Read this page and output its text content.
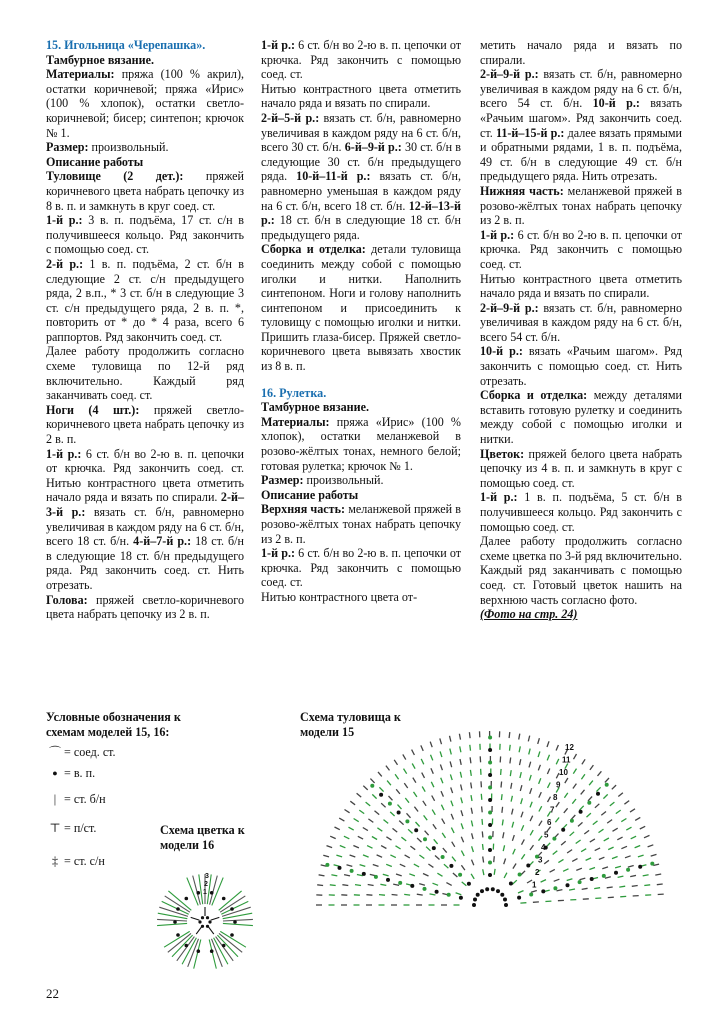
15. Игольница «Черепашка».

Тамбурное вязание.

Материалы: пряжа (100 % акрил), остатки коричневой; пряжа «Ирис» (100 % хлопок), остатки светло-коричневой; бисер; синтепон; крючок № 1.

Размер: произвольный.

Описание работы

Туловище (2 дет.): пряжей коричневого цвета набрать цепочку из 8 в. п. и замкнуть в круг соед. ст.

1-й р.: 3 в. п. подъёма, 17 ст. с/н в получившееся кольцо. Ряд закончить с помощью соед. ст.

2-й р.: 1 в. п. подъёма, 2 ст. б/н в следующие 2 ст. с/н предыдущего ряда, 2 в.п., * 3 ст. б/н в следующие 3 ст. с/н предыдущего ряда, 2 в. п. *, повторить от * до * 4 раза, всего 6 раппортов. Ряд закончить соед. ст.

Далее работу продолжить согласно схеме туловища по 12-й ряд включительно. Каждый ряд заканчивать соед. ст.

Ноги (4 шт.): пряжей светло-коричневого цвета набрать цепочку из 2 в. п.

1-й р.: 6 ст. б/н во 2-ю в. п. цепочки от крючка. Ряд закончить соед. ст. Нитью контрастного цвета отметить начало ряда и вязать по спирали. 2-й–3-й р.: вязать ст. б/н, равномерно увеличивая в каждом ряду на 6 ст. б/н, всего 18 ст. б/н. 4-й–7-й р.: 18 ст. б/н в следующие 18 ст. б/н предыдущего ряда. Ряд закончить соед. ст. Нить отрезать.

Голова: пряжей светло-коричневого цвета набрать цепочку из 2 в. п.

1-й р.: 6 ст. б/н во 2-ю в. п. цепочки от крючка. Ряд закончить с помощью соед. ст.

Нитью контрастного цвета отметить начало ряда и вязать по спирали.

2-й–5-й р.: вязать ст. б/н, равномерно увеличивая в каждом ряду на 6 ст. б/н, всего 30 ст. б/н. 6-й–9-й р.: 30 ст. б/н в следующие 30 ст. б/н предыдущего ряда. 10-й–11-й р.: вязать ст. б/н, равномерно уменьшая в каждом ряду на 6 ст. б/н, всего 18 ст. б/н. 12-й–13-й р.: 18 ст. б/н в следующие 18 ст. б/н предыдущего ряда.

Сборка и отделка: детали туловища соединить между собой с помощью иголки и нитки. Наполнить синтепоном. Ноги и голову наполнить синтепоном и присоединить к туловищу с помощью иголки и нитки. Пришить глаза-бисер. Пряжей светло-коричневого цвета вывязать хвостик из 8 в. п.

16. Рулетка.

Тамбурное вязание.

Материалы: пряжа «Ирис» (100 % хлопок), остатки меланжевой в розово-жёлтых тонах, немного белой; готовая рулетка; крючок № 1.

Размер: произвольный.

Описание работы

Верхняя часть: меланжевой пряжей в розово-жёлтых тонах набрать цепочку из 2 в. п.

1-й р.: 6 ст. б/н во 2-ю в. п. цепочки от крючка. Ряд закончить с помощью соед. ст.

Нитью контрастного цвета от-

метить начало ряда и вязать по спирали.

2-й–9-й р.: вязать ст. б/н, равномерно увеличивая в каждом ряду на 6 ст. б/н, всего 54 ст. б/н. 10-й р.: вязать «Рачьим шагом». Ряд закончить соед. ст. 11-й–15-й р.: далее вязать прямыми и обратными рядами, 1 в. п. подъёма, 49 ст. б/н в следующие 49 ст. б/н предыдущего ряда. Нить отрезать.

Нижняя часть: меланжевой пряжей в розово-жёлтых тонах набрать цепочку из 2 в. п.

1-й р.: 6 ст. б/н во 2-ю в. п. цепочки от крючка. Ряд закончить с помощью соед. ст.

Нитью контрастного цвета отметить начало ряда и вязать по спирали.

2-й–9-й р.: вязать ст. б/н, равномерно увеличивая в каждом ряду на 6 ст. б/н, всего 54 ст. б/н.

10-й р.: вязать «Рачьим шагом». Ряд закончить с помощью соед. ст. Нить отрезать.

Сборка и отделка: между деталями вставить готовую рулетку и соединить между собой с помощью иголки и нитки.

Цветок: пряжей белого цвета набрать цепочку из 4 в. п. и замкнуть в круг с помощью соед. ст.

1-й р.: 1 в. п. подъёма, 5 ст. б/н в получившееся кольцо. Ряд закончить с помощью соед. ст.

Далее работу продолжить согласно схеме цветка по 3-й ряд включительно. Каждый ряд заканчивать с помощью соед. ст. Готовый цветок нашить на верхнюю часть согласно фото.

(Фото на стр. 24)

Условные обозначения к схемам моделей 15, 16:
⌒ = соед. ст.
● = в. п.
| = ст. б/н
⊤ = п/ст.
‡ = ст. с/н
Схема туловища к модели 15
Схема цветка к модели 16
12
11
10
9
8
7
6
5
4
3
2
1
3
2
1
22
